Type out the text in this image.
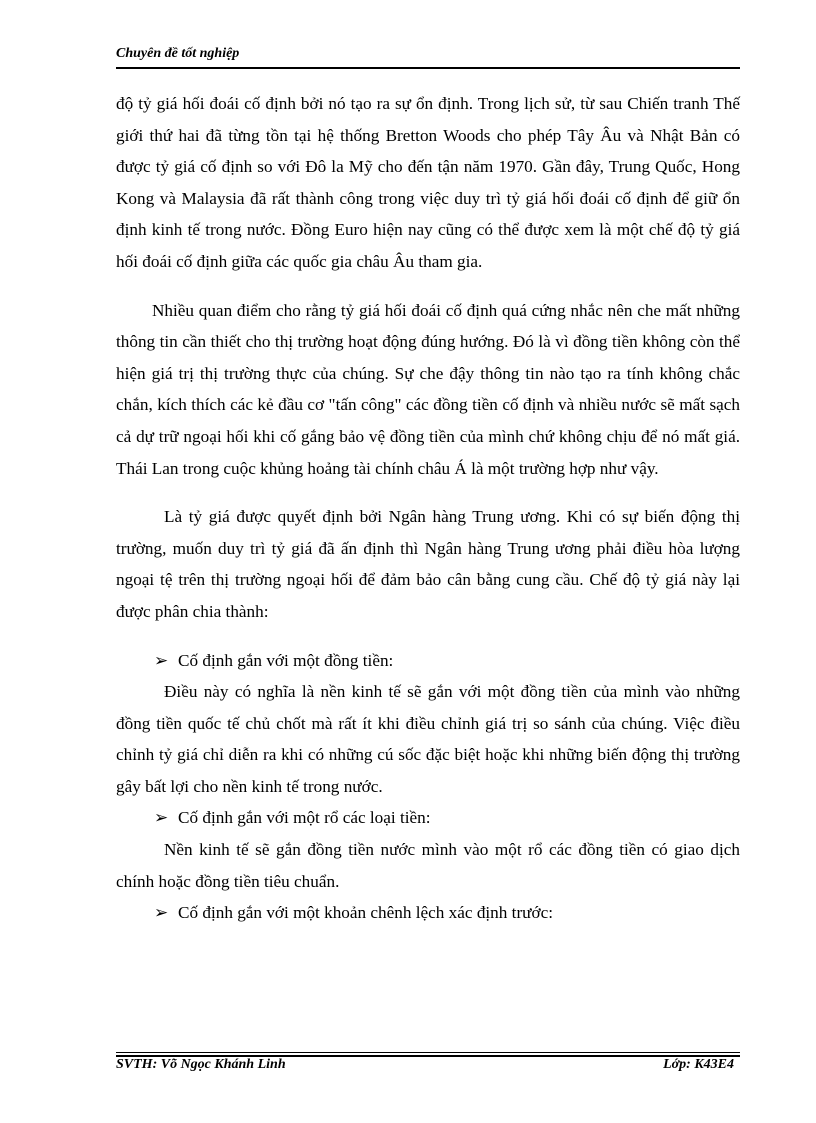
Chuyên đề tốt nghiệp

độ tỷ giá hối đoái cố định bởi nó tạo ra sự ổn định. Trong lịch sử, từ sau Chiến tranh Thế giới thứ hai đã từng tồn tại hệ thống Bretton Woods cho phép Tây Âu và Nhật Bản có được tỷ giá cố định so với Đô la Mỹ cho đến tận năm 1970. Gần đây, Trung Quốc, Hong Kong và Malaysia đã rất thành công trong việc duy trì tỷ giá hối đoái cố định để giữ ổn định kinh tế trong nước. Đồng Euro hiện nay cũng có thể được xem là một chế độ tỷ giá hối đoái cố định giữa các quốc gia châu Âu tham gia.

Nhiều quan điểm cho rằng tỷ giá hối đoái cố định quá cứng nhắc nên che mất những thông tin cần thiết cho thị trường hoạt động đúng hướng. Đó là vì đồng tiền không còn thể hiện giá trị thị trường thực của chúng. Sự che đậy thông tin nào tạo ra tính không chắc chắn, kích thích các kẻ đầu cơ "tấn công" các đồng tiền cố định và nhiều nước sẽ mất sạch cả dự trữ ngoại hối khi cố gắng bảo vệ đồng tiền của mình chứ không chịu để nó mất giá. Thái Lan trong cuộc khủng hoảng tài chính châu Á là một trường hợp như vậy.

Là tỷ giá được quyết định bởi Ngân hàng Trung ương. Khi có sự biến động thị trường, muốn duy trì tỷ giá đã ấn định thì Ngân hàng Trung ương phải điều hòa lượng ngoại tệ trên thị trường ngoại hối để đảm bảo cân bằng cung cầu. Chế độ tỷ giá này lại được phân chia thành:

➢ Cố định gắn với một đồng tiền:

Điều này có nghĩa là nền kinh tế sẽ gắn với một đồng tiền của mình vào những đồng tiền quốc tế chủ chốt mà rất ít khi điều chỉnh giá trị so sánh của chúng. Việc điều chỉnh tỷ giá chỉ diễn ra khi có những cú sốc đặc biệt hoặc khi những biến động thị trường gây bất lợi cho nền kinh tế trong nước.

➢ Cố định gắn với một rổ các loại tiền:

Nền kinh tế sẽ gắn đồng tiền nước mình vào một rổ các đồng tiền có giao dịch chính hoặc đồng tiền tiêu chuẩn.

➢ Cố định gắn với một khoản chênh lệch xác định trước:

SVTH: Võ Ngọc Khánh Linh	Lớp: K43E4
